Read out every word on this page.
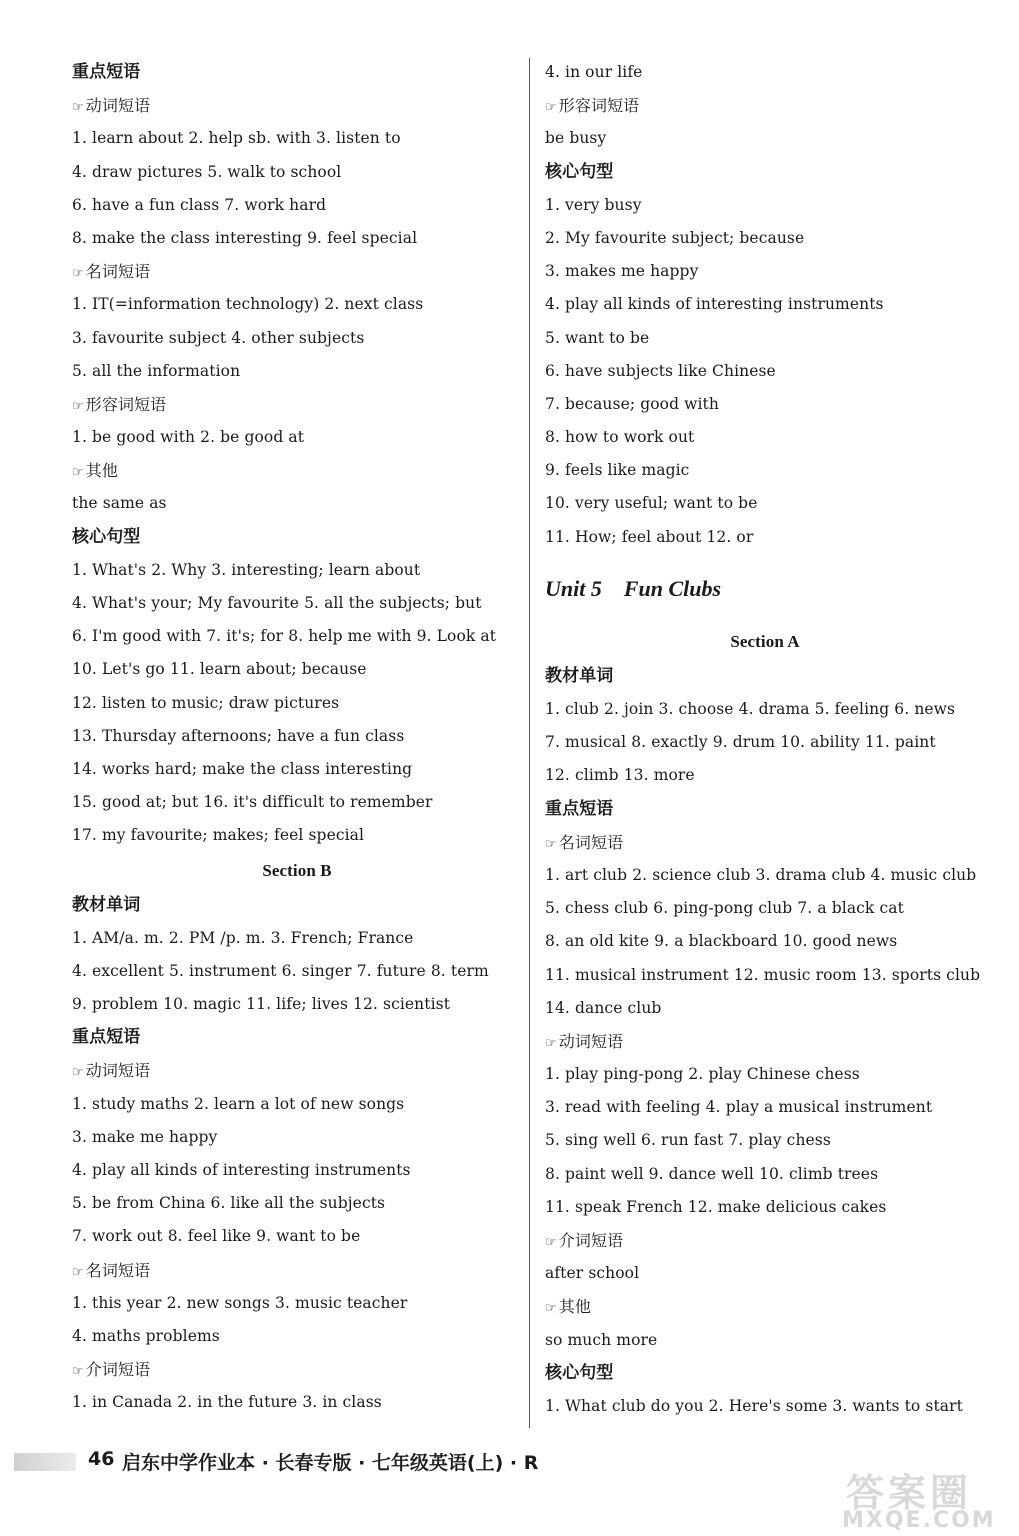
重点短语
☞ 动词短语
1. learn about 2. help sb. with 3. listen to
4. draw pictures 5. walk to school
6. have a fun class 7. work hard
8. make the class interesting 9. feel special
☞ 名词短语
1. IT(=information technology) 2. next class
3. favourite subject 4. other subjects
5. all the information
☞ 形容词短语
1. be good with 2. be good at
☞ 其他
the same as
核心句型
1. What's 2. Why 3. interesting; learn about
4. What's your; My favourite 5. all the subjects; but
6. I'm good with 7. it's; for 8. help me with 9. Look at
10. Let's go 11. learn about; because
12. listen to music; draw pictures
13. Thursday afternoons; have a fun class
14. works hard; make the class interesting
15. good at; but 16. it's difficult to remember
17. my favourite; makes; feel special
Section B
教材单词
1. AM/a. m. 2. PM /p. m. 3. French; France
4. excellent 5. instrument 6. singer 7. future 8. term
9. problem 10. magic 11. life; lives 12. scientist
重点短语
☞ 动词短语
1. study maths 2. learn a lot of new songs
3. make me happy
4. play all kinds of interesting instruments
5. be from China 6. like all the subjects
7. work out 8. feel like 9. want to be
☞ 名词短语
1. this year 2. new songs 3. music teacher
4. maths problems
☞ 介词短语
1. in Canada 2. in the future 3. in class
4. in our life
☞ 形容词短语
be busy
核心句型
1. very busy
2. My favourite subject; because
3. makes me happy
4. play all kinds of interesting instruments
5. want to be
6. have subjects like Chinese
7. because; good with
8. how to work out
9. feels like magic
10. very useful; want to be
11. How; feel about 12. or
Unit 5 Fun Clubs
Section A
教材单词
1. club 2. join 3. choose 4. drama 5. feeling 6. news
7. musical 8. exactly 9. drum 10. ability 11. paint
12. climb 13. more
重点短语
☞ 名词短语
1. art club 2. science club 3. drama club 4. music club
5. chess club 6. ping-pong club 7. a black cat
8. an old kite 9. a blackboard 10. good news
11. musical instrument 12. music room 13. sports club
14. dance club
☞ 动词短语
1. play ping-pong 2. play Chinese chess
3. read with feeling 4. play a musical instrument
5. sing well 6. run fast 7. play chess
8. paint well 9. dance well 10. climb trees
11. speak French 12. make delicious cakes
☞ 介词短语
after school
☞ 其他
so much more
核心句型
1. What club do you 2. Here's some 3. wants to start
46 启东中学作业本 · 长春专版 · 七年级英语(上) · R
答案圈
MXQE.COM
